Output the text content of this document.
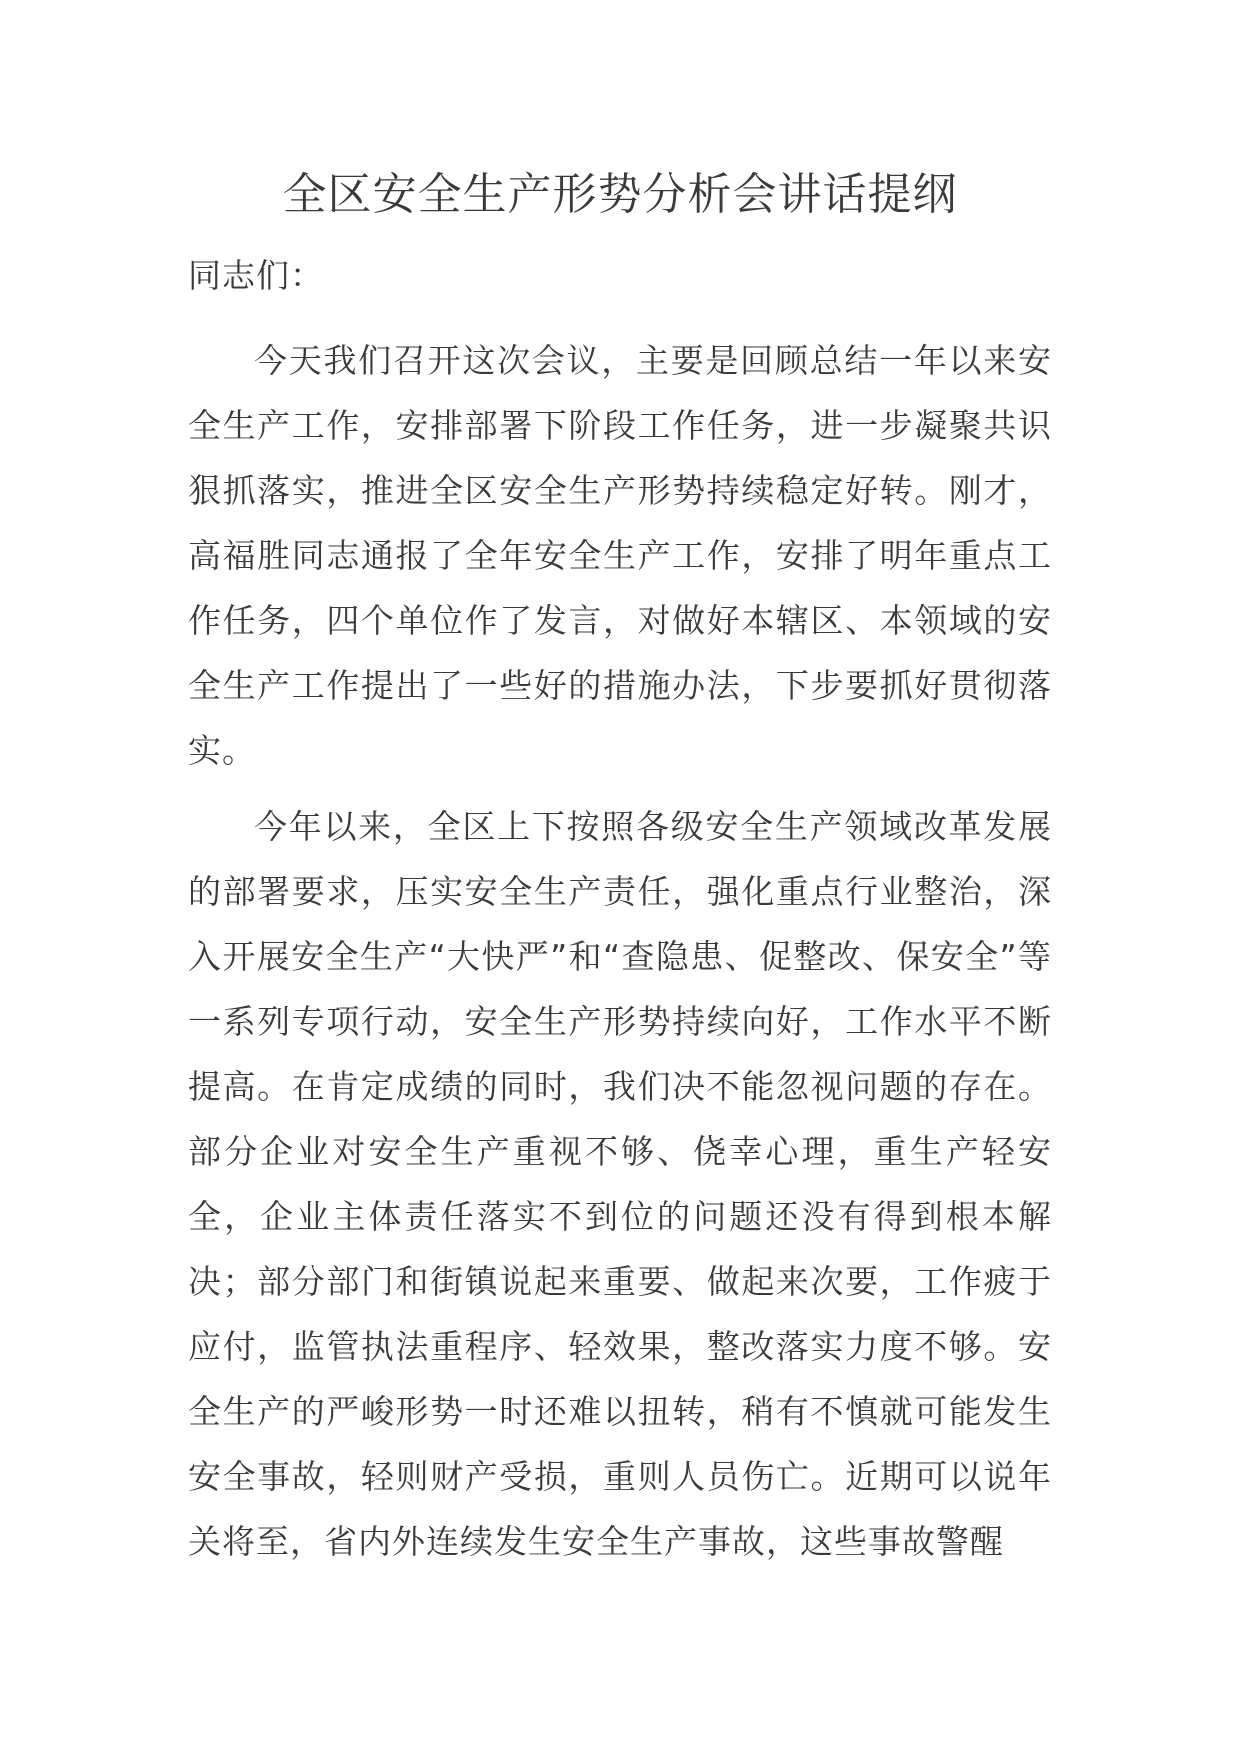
全区安全生产形势分析会讲话提纲

同志们：

今天我们召开这次会议，主要是回顾总结一年以来安全生产工作，安排部署下阶段工作任务，进一步凝聚共识狠抓落实，推进全区安全生产形势持续稳定好转。刚才，高福胜同志通报了全年安全生产工作，安排了明年重点工作任务，四个单位作了发言，对做好本辖区、本领域的安全生产工作提出了一些好的措施办法，下步要抓好贯彻落实。

今年以来，全区上下按照各级安全生产领域改革发展的部署要求，压实安全生产责任，强化重点行业整治，深入开展安全生产“大快严”和“查隐患、促整改、保安全”等一系列专项行动，安全生产形势持续向好，工作水平不断提高。在肯定成绩的同时，我们决不能忽视问题的存在。部分企业对安全生产重视不够、侥幸心理，重生产轻安全，企业主体责任落实不到位的问题还没有得到根本解决；部分部门和街镇说起来重要、做起来次要，工作疲于应付，监管执法重程序、轻效果，整改落实力度不够。安全生产的严峻形势一时还难以扭转，稍有不慎就可能发生安全事故，轻则财产受损，重则人员伤亡。近期可以说年关将至，省内外连续发生安全生产事故，这些事故警醒
